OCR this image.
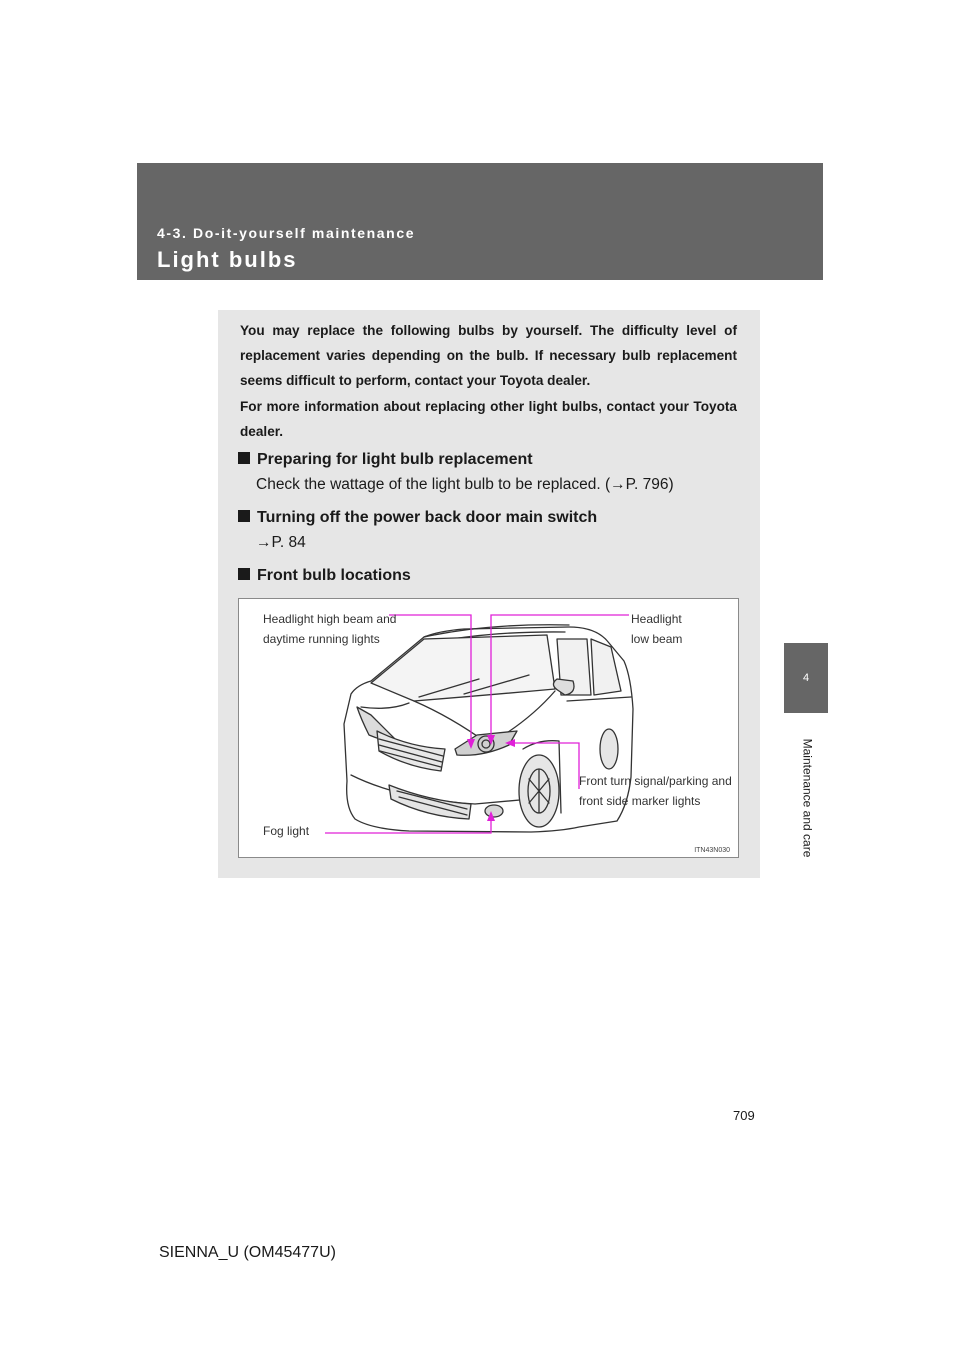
4-3. Do-it-yourself maintenance
Light bulbs
4
Maintenance and care
You may replace the following bulbs by yourself. The difficulty level of replacement varies depending on the bulb. If necessary bulb replacement seems difficult to perform, contact your Toyota dealer.
For more information about replacing other light bulbs, contact your Toyota dealer.
Preparing for light bulb replacement
Check the wattage of the light bulb to be replaced. (→P. 796)
Turning off the power back door main switch
→P. 84
Front bulb locations
Headlight high beam and daytime running lights
Headlight low beam
Front turn signal/parking and front side marker lights
Fog light
ITN43N030
709
SIENNA_U (OM45477U)
